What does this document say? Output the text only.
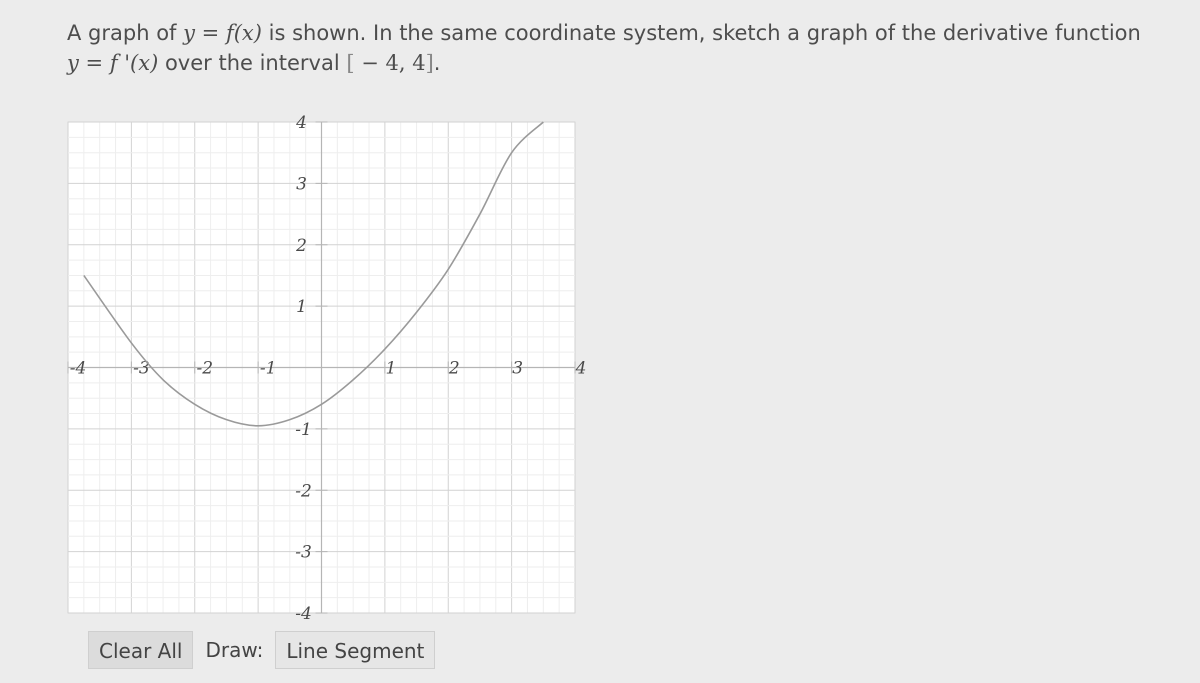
A graph of y = f(x) is shown. In the same coordinate system, sketch a graph of the derivative function
y = f '(x) over the interval [ − 4, 4].
-4	-3	-2	-1	1	2	3	4
4
3
2
1
-1
-2
-3
-4
Clear All	Draw:	Line Segment
